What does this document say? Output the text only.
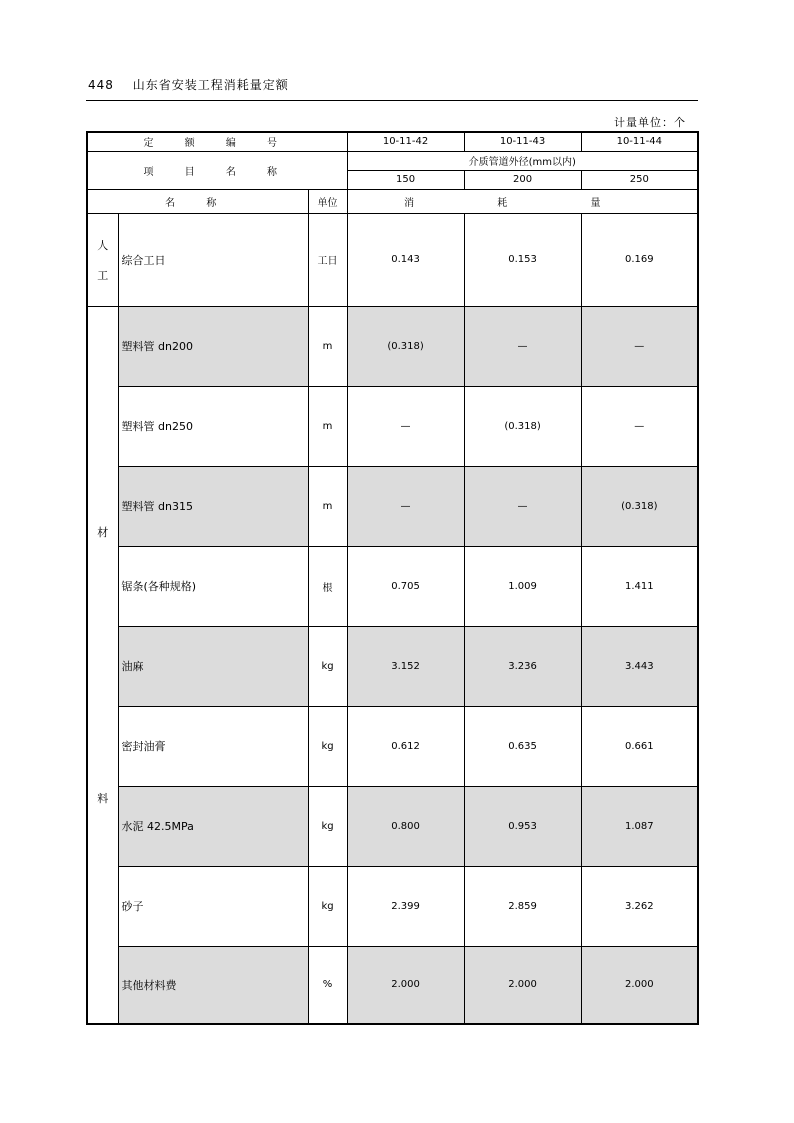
448 山东省安装工程消耗量定额
计量单位：个
定 额 编 号			10-11-42	10-11-43	10-11-44
项 目 名 称			介质管道外径(mm以内)		
			150	200	250
名 称		单位	消 耗 量		

人
工	综合工日	工日	0.143	0.153	0.169

材
料	塑料管 dn200	m	(0.318)	—	—
	塑料管 dn250	m	—	(0.318)	—
	塑料管 dn315	m	—	—	(0.318)
	锯条(各种规格)	根	0.705	1.009	1.411
	油麻	kg	3.152	3.236	3.443
	密封油膏	kg	0.612	0.635	0.661
	水泥 42.5MPa	kg	0.800	0.953	1.087
	砂子	kg	2.399	2.859	3.262
	其他材料费	%	2.000	2.000	2.000
